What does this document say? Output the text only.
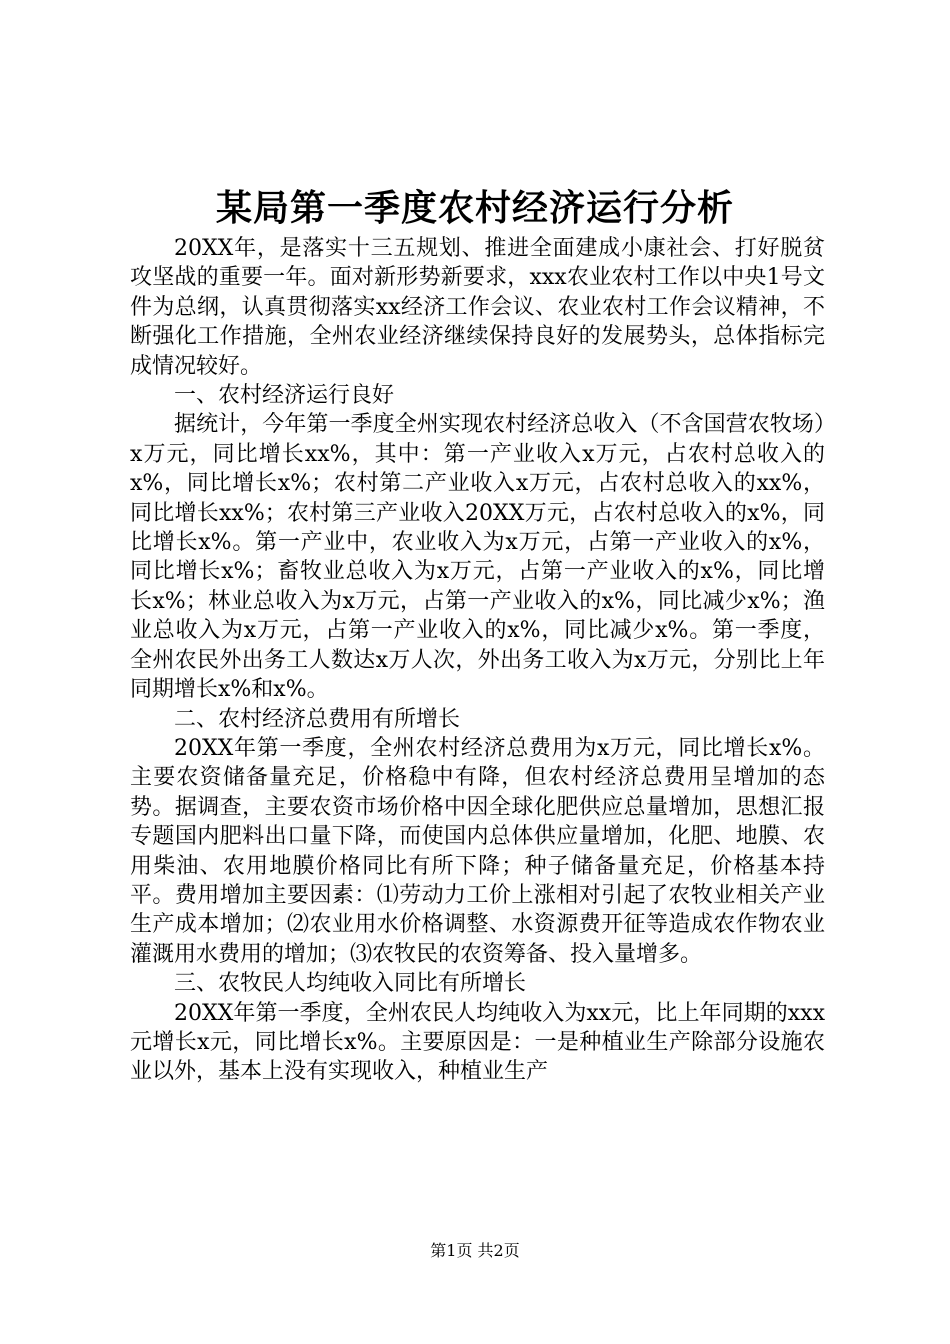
某局第一季度农村经济运行分析

20XX年，是落实十三五规划、推进全面建成小康社会、打好脱贫攻坚战的重要一年。面对新形势新要求，xxx农业农村工作以中央1号文件为总纲，认真贯彻落实xx经济工作会议、农业农村工作会议精神，不断强化工作措施，全州农业经济继续保持良好的发展势头，总体指标完成情况较好。

一、农村经济运行良好

据统计，今年第一季度全州实现农村经济总收入（不含国营农牧场）x万元，同比增长xx%，其中：第一产业收入x万元，占农村总收入的x%，同比增长x%；农村第二产业收入x万元，占农村总收入的xx%，同比增长xx%；农村第三产业收入20XX万元，占农村总收入的x%，同比增长x%。第一产业中，农业收入为x万元，占第一产业收入的x%，同比增长x%；畜牧业总收入为x万元，占第一产业收入的x%，同比增长x%；林业总收入为x万元，占第一产业收入的x%，同比减少x%；渔业总收入为x万元，占第一产业收入的x%，同比减少x%。第一季度，全州农民外出务工人数达x万人次，外出务工收入为x万元，分别比上年同期增长x%和x%。

二、农村经济总费用有所增长

20XX年第一季度，全州农村经济总费用为x万元，同比增长x%。主要农资储备量充足，价格稳中有降，但农村经济总费用呈增加的态势。据调查，主要农资市场价格中因全球化肥供应总量增加，思想汇报专题国内肥料出口量下降，而使国内总体供应量增加，化肥、地膜、农用柴油、农用地膜价格同比有所下降；种子储备量充足，价格基本持平。费用增加主要因素：⑴劳动力工价上涨相对引起了农牧业相关产业生产成本增加；⑵农业用水价格调整、水资源费开征等造成农作物农业灌溉用水费用的增加；⑶农牧民的农资筹备、投入量增多。

三、农牧民人均纯收入同比有所增长

20XX年第一季度，全州农民人均纯收入为xx元，比上年同期的xxx元增长x元，同比增长x%。主要原因是：一是种植业生产除部分设施农业以外，基本上没有实现收入，种植业生产

第1页 共2页
